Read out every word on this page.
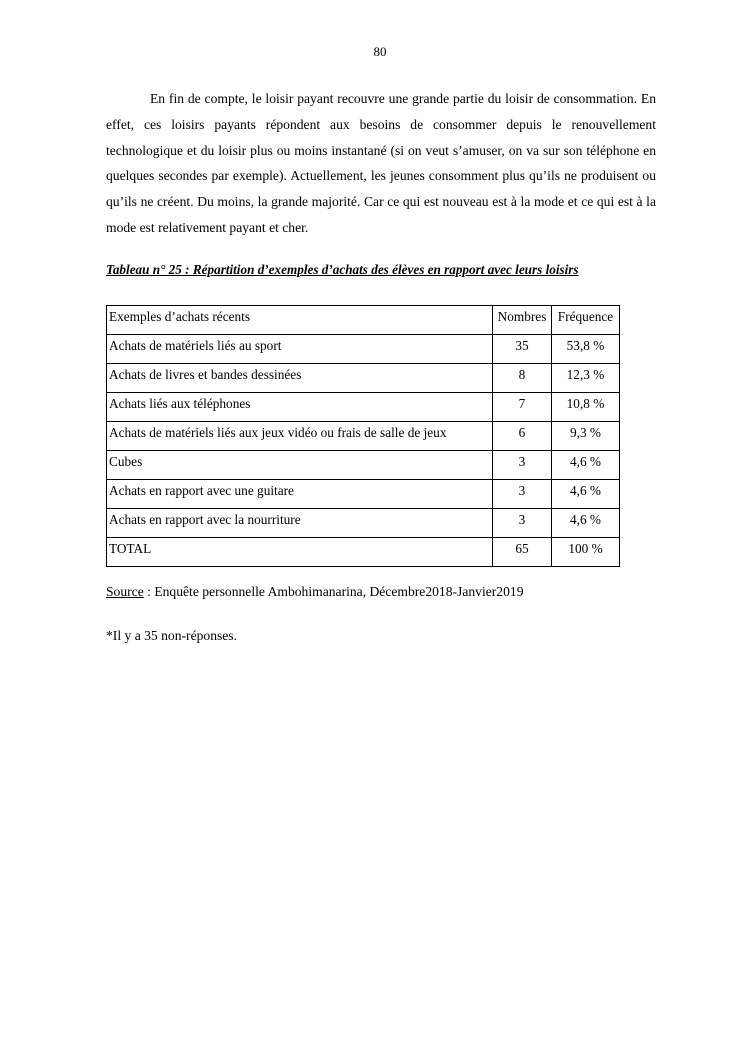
80

En fin de compte, le loisir payant recouvre une grande partie du loisir de consommation. En effet, ces loisirs payants répondent aux besoins de consommer depuis le renouvellement technologique et du loisir plus ou moins instantané (si on veut s’amuser, on va sur son téléphone en quelques secondes par exemple). Actuellement, les jeunes consomment plus qu’ils ne produisent ou qu’ils ne créent. Du moins, la grande majorité. Car ce qui est nouveau est à la mode et ce qui est à la mode est relativement payant et cher.

Tableau n° 25 : Répartition d’exemples d’achats des élèves en rapport avec leurs loisirs

Exemples d’achats récents	Nombres	Fréquence
Achats de matériels liés au sport	35	53,8 %
Achats de livres et bandes dessinées	8	12,3 %
Achats liés aux téléphones	7	10,8 %
Achats de matériels liés aux jeux vidéo ou frais de salle de jeux	6	9,3 %
Cubes	3	4,6 %
Achats en rapport avec une guitare	3	4,6 %
Achats en rapport avec la nourriture	3	4,6 %
TOTAL	65	100 %

Source : Enquête personnelle Ambohimanarina, Décembre2018-Janvier2019

*Il y a 35 non-réponses.
